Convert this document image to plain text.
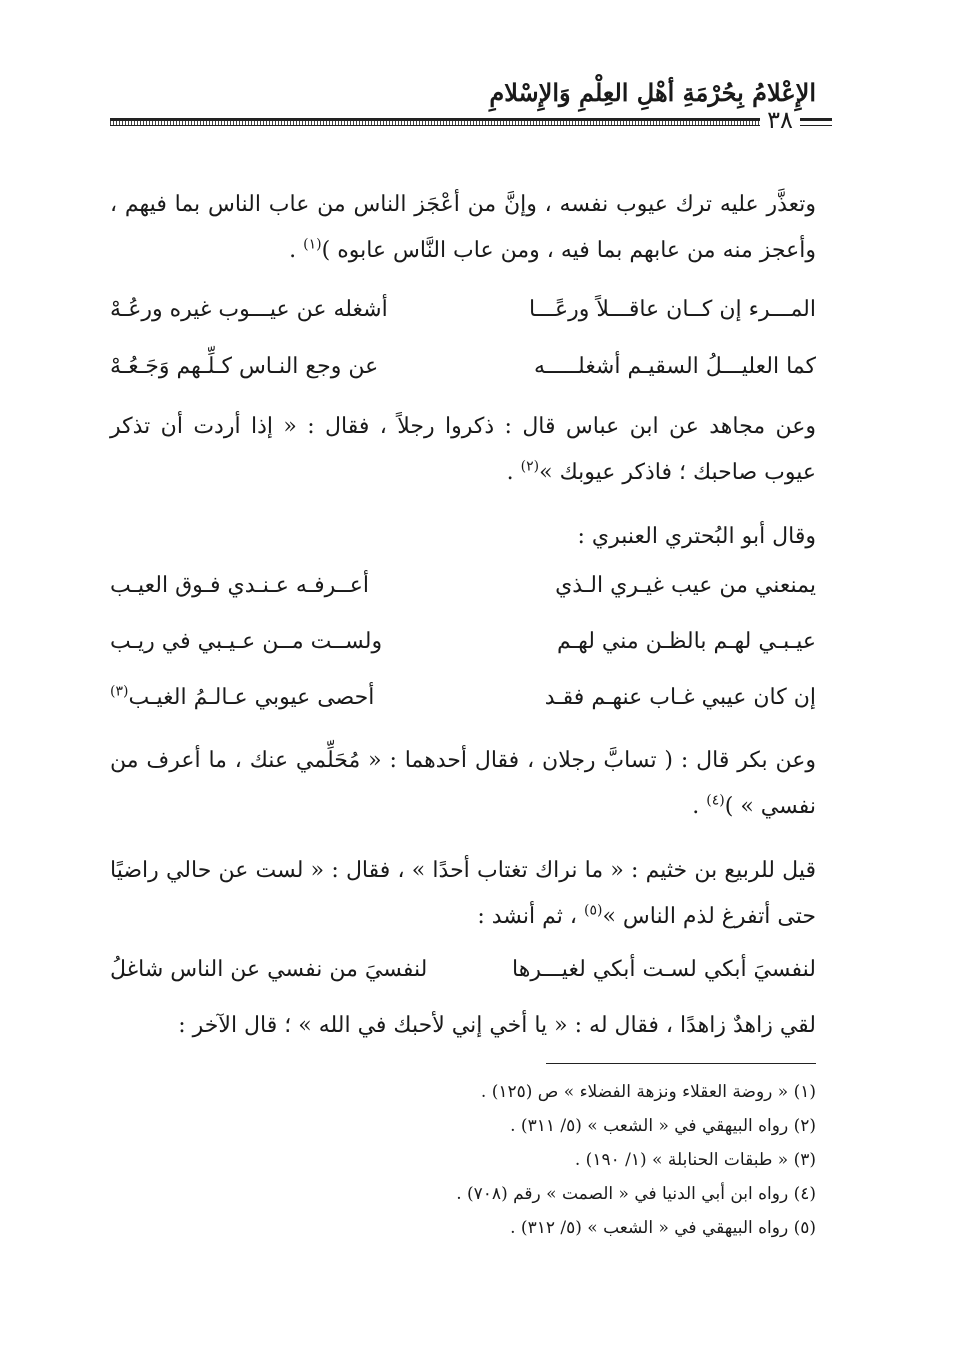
الإِعْلامُ بِحُرْمَةِ أهْلِ العِلْمِ وَالإِسْلامِ
٣٨
وتعذَّر عليه ترك عيوب نفسه ، وإنَّ من أعْجَز الناس من عاب الناس بما فيهم ، وأعجز منه من عابهم بما فيه ، ومن عاب النَّاس عابوه )$^{(١)}$ .
المـــرء إن كــان عاقـــلاً ورعًـــا
أشغله عن عيـــوب غيره ورعُـهْ
كما العليـــلُ السقيـم أشغلـــــه
عن وجع النـاس كـلِّـهم وَجَـعُـهْ
وعن مجاهد عن ابن عباس قال : ذكروا رجلاً ، فقال : « إذا أردت أن تذكر عيوب صاحبك ؛ فاذكر عيوبك »$^{(٢)}$ .
وقال أبو البُحتري العنبري :
يمنعني من عيب غيـري الـذي
أعــرفـه عـنـدي فـوق العيـب
عيـبـي لهـم بالظـن مني لهـم
ولســت مــن عـيـبي في ريـب
إن كان عيبي غـاب عنهـم فقـد
أحصى عيوبي عـالـمُ الغيـب$^{(٣)}$
وعن بكر قال : ( تسابَّ رجلان ، فقال أحدهما : « مُحَلِّمي عنك ، ما أعرف من نفسي » )$^{(٤)}$ .
قيل للربيع بن خثيم : « ما نراك تغتاب أحدًا » ، فقال : « لست عن حالي راضيًا حتى أتفرغ لذم الناس »$^{(٥)}$ ، ثم أنشد :
لنفسيَ أبكي لسـت أبكي لغيـــرها
لنفسيَ من نفسي عن الناس شاغلُ
لقي زاهدٌ زاهدًا ، فقال له : « يا أخي إني لأحبك في الله » ؛ قال الآخر :
(١) « روضة العقلاء ونزهة الفضلاء » ص (١٢٥) .
(٢) رواه البيهقي في « الشعب » (٥/ ٣١١) .
(٣) « طبقات الحنابلة » (١/ ١٩٠) .
(٤) رواه ابن أبي الدنيا في « الصمت » رقم (٧٠٨) .
(٥) رواه البيهقي في « الشعب » (٥/ ٣١٢) .
